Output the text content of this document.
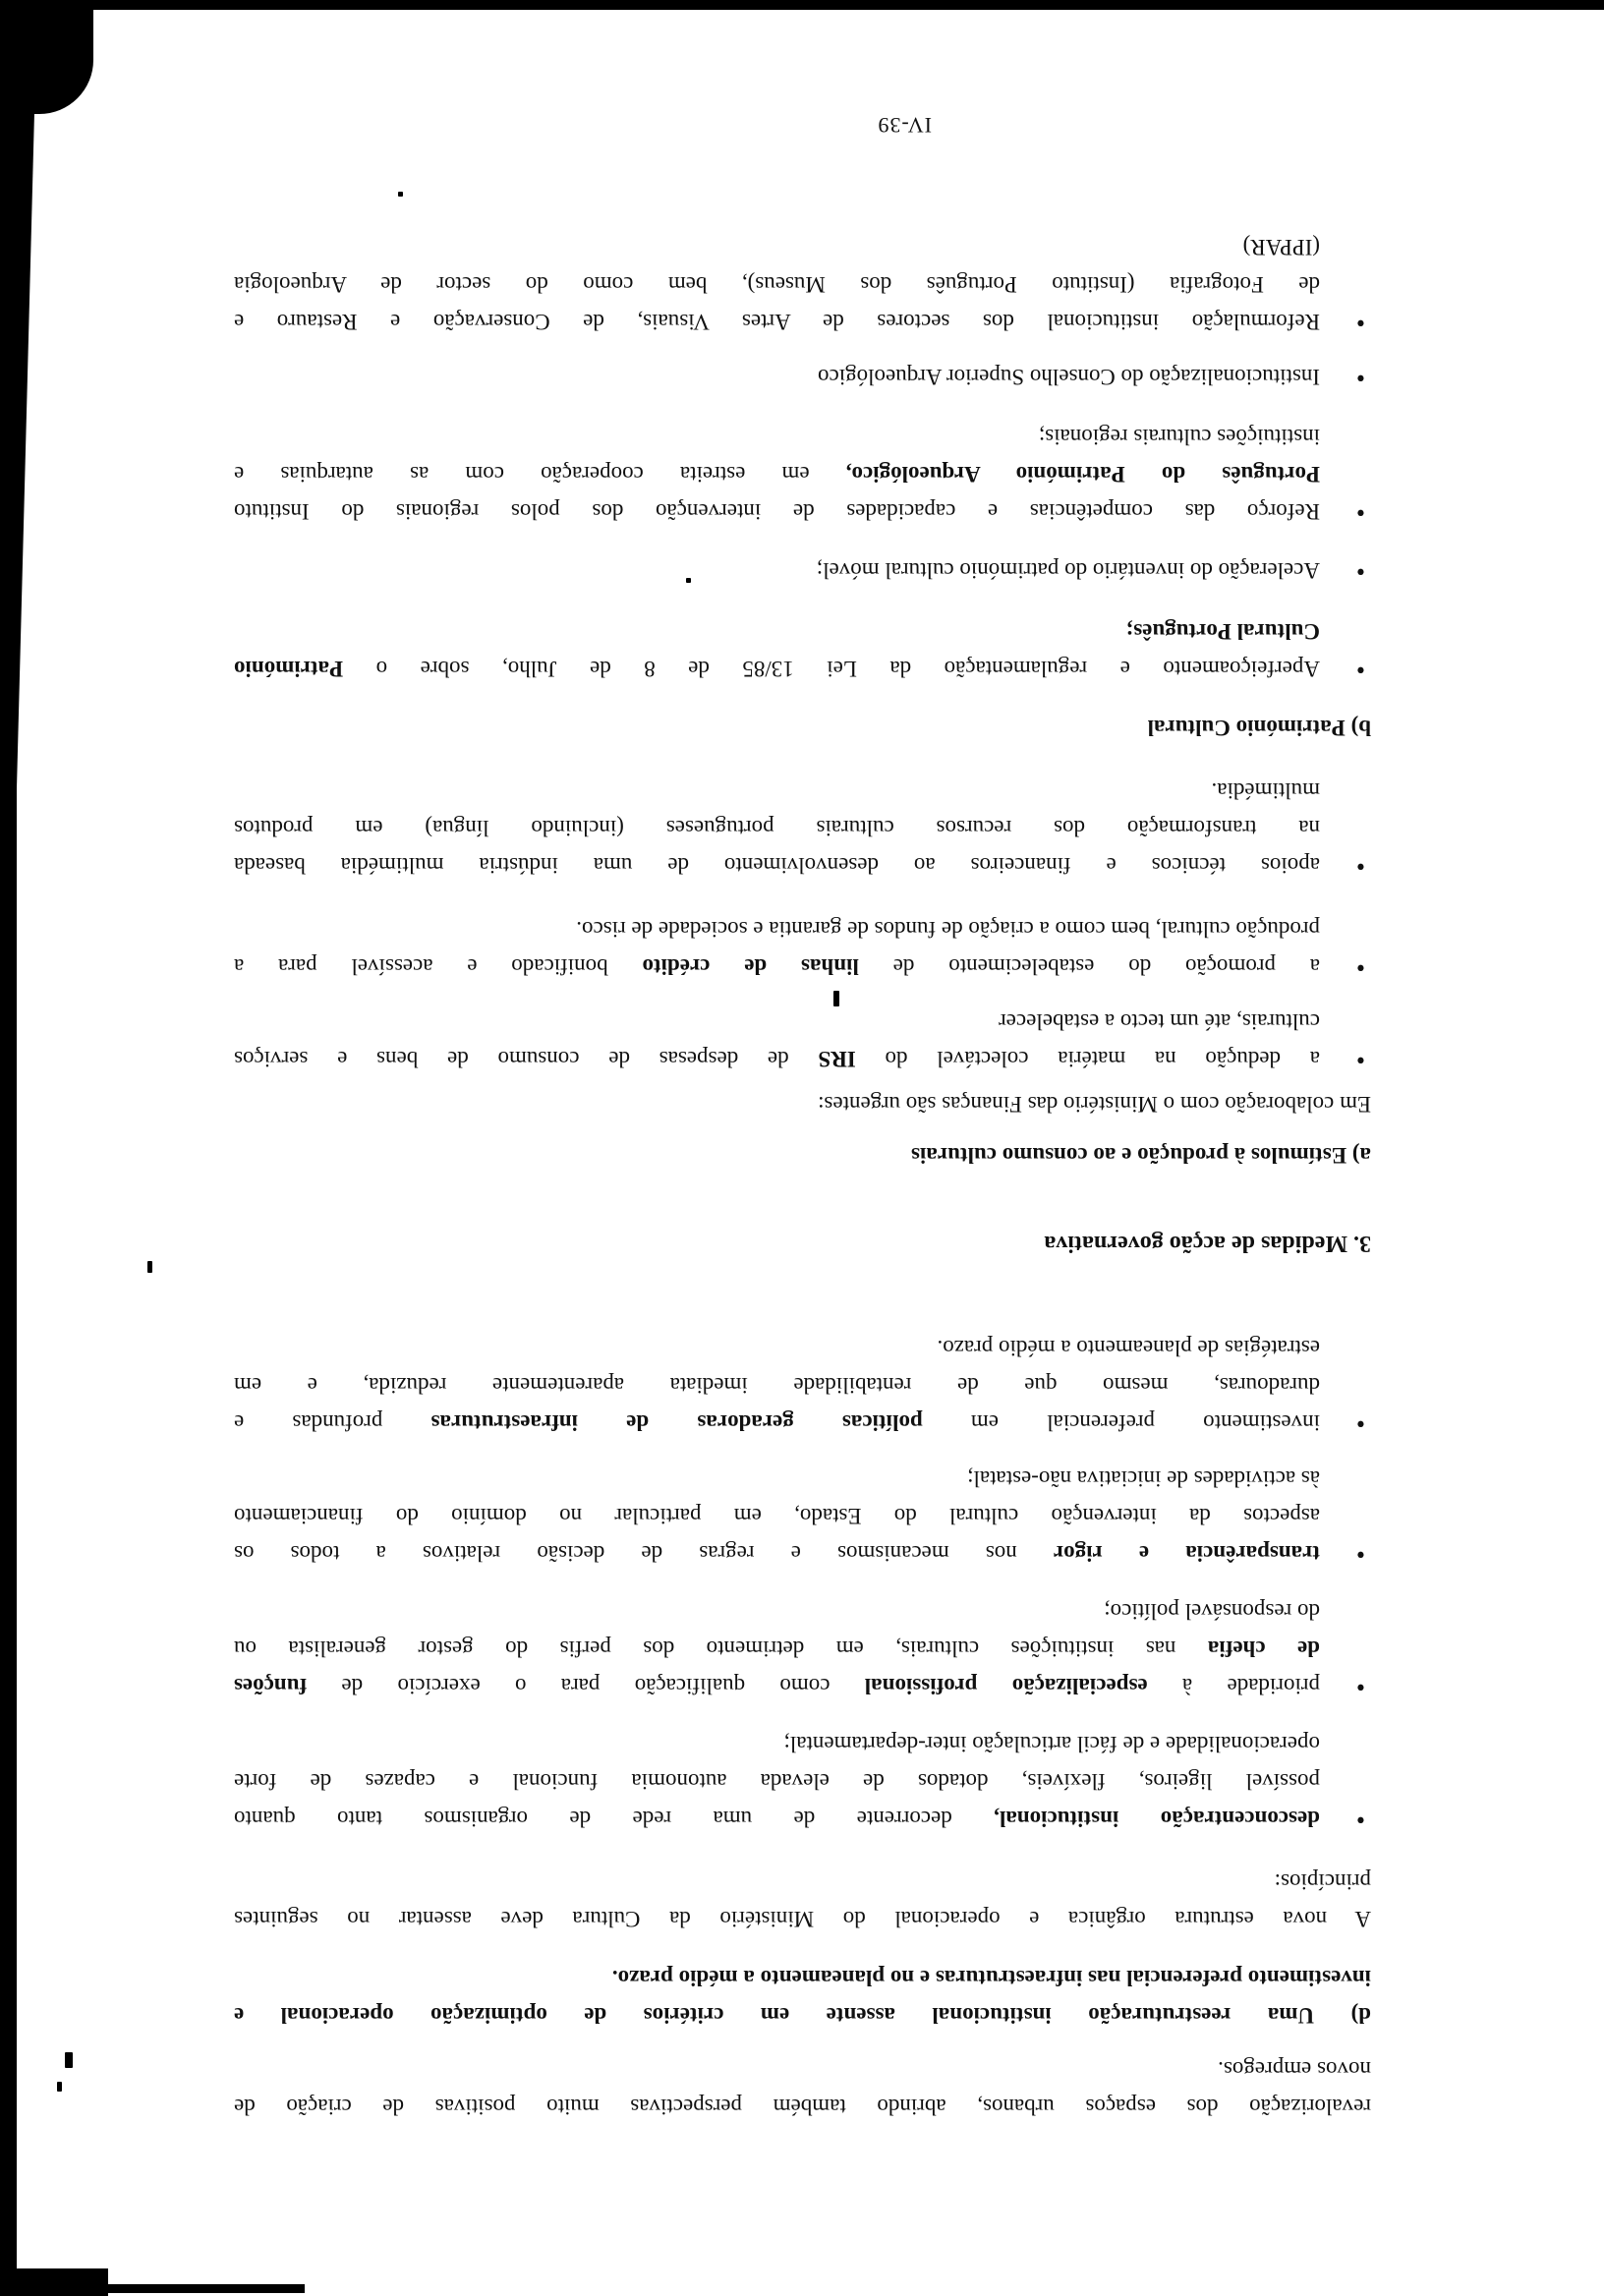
revalorização dos espaços urbanos, abrindo também perspectivas muito positivas de criação de
novos empregos.
d) Uma reestruturação institucional assente em critérios de optimização operacional e
investimento preferencial nas infraestruturas e no planeamento a médio prazo.
A nova estrutura orgânica e operacional do Ministério da Cultura deve assentar no seguintes
princípios:
•
desconcentração institucional, decorrente de uma rede de organismos tanto quanto
possível ligeiros, flexíveis, dotados de elevada autonomia funcional e capazes de forte
operacionalidade e de fácil articulação inter-departamental;
•
prioridade à especialização profissional como qualificação para o exercício de funções
de chefia nas instituições culturais, em detrimento dos perfis do gestor generalista ou
do responsável político;
•
transparência e rigor nos mecanismos e regras de decisão relativos a todos os
aspectos da intervenção cultural do Estado, em particular no domínio do financiamento
às actividades de iniciativa não-estatal;
•
investimento preferencial em políticas geradoras de infraestruturas profundas e
duradouras, mesmo que de rentabilidade imediata aparentemente reduzida, e em
estratégias de planeamento a médio prazo.
3. Medidas de acção governativa
a) Estímulos à produção e ao consumo culturais
Em colaboração com o Ministério das Finanças são urgentes:
•
a dedução na matéria colectável do IRS de despesas de consumo de bens e serviços
culturais, até um tecto a estabelecer
•
a promoção do estabelecimento de linhas de crédito bonificado e acessível para a
produção cultural, bem como a criação de fundos de garantia e sociedade de risco.
•
apoios técnicos e financeiros ao desenvolvimento de uma indústria multimédia baseada
na transformação dos recursos culturais portugueses (incluindo língua) em produtos
multimédia.
b) Património Cultural
•
Aperfeiçoamento e regulamentação da Lei 13/85 de 8 de Julho, sobre o Património
Cultural Português;
•
Aceleração do inventário do património cultural móvel;
•
Reforço das competências e capacidades de intervenção dos polos regionais do Instituto
Português do Património Arqueológico, em estreita cooperação com as autarquias e
instituições culturais regionais;
•
Institucionalização do Conselho Superior Arqueológico
•
Reformulação institucional dos sectores de Artes Visuais, de Conservação e Restauro e
de Fotografia (Instituto Português dos Museus), bem como do sector de Arqueologia
(IPPAR)
IV-39
